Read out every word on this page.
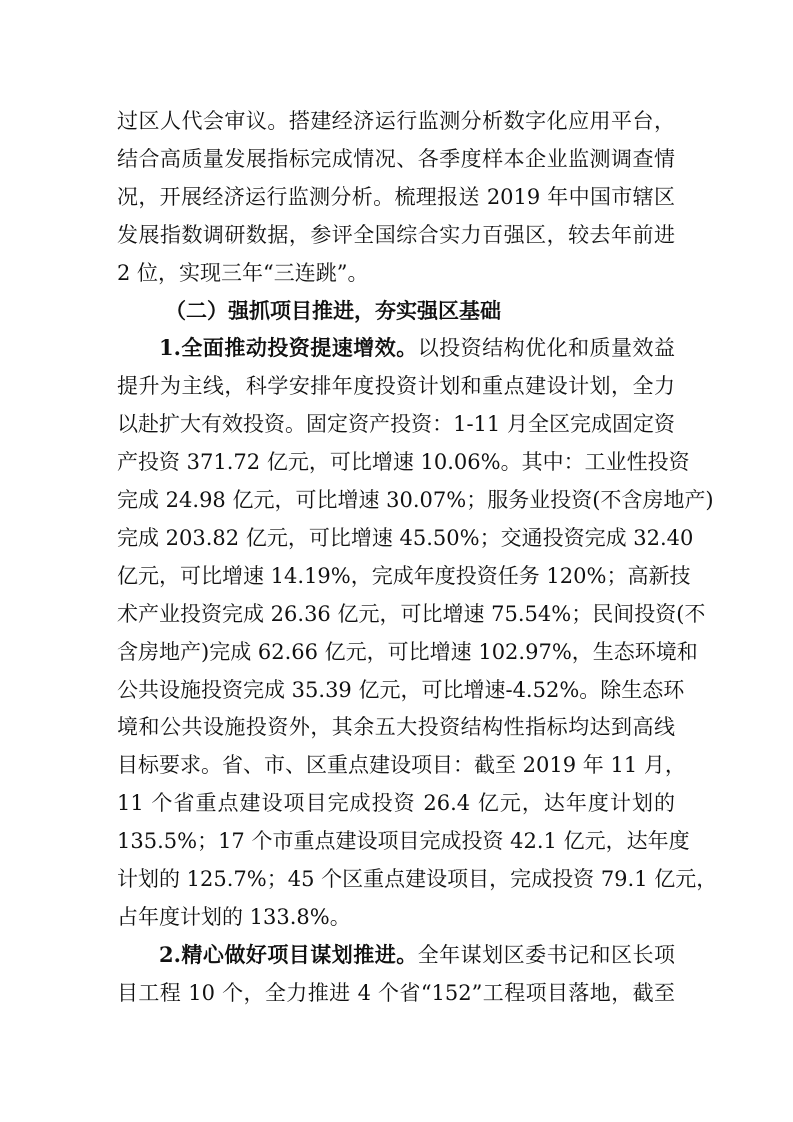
过区人代会审议。搭建经济运行监测分析数字化应用平台，
结合高质量发展指标完成情况、各季度样本企业监测调查情
况，开展经济运行监测分析。梳理报送 2019 年中国市辖区
发展指数调研数据，参评全国综合实力百强区，较去年前进
2 位，实现三年“三连跳”。
（二）强抓项目推进，夯实强区基础
1.全面推动投资提速增效。以投资结构优化和质量效益
提升为主线，科学安排年度投资计划和重点建设计划，全力
以赴扩大有效投资。固定资产投资：1-11 月全区完成固定资
产投资 371.72 亿元，可比增速 10.06%。其中：工业性投资
完成 24.98 亿元，可比增速 30.07%；服务业投资(不含房地产)
完成 203.82 亿元，可比增速 45.50%；交通投资完成 32.40
亿元，可比增速 14.19%，完成年度投资任务 120%；高新技
术产业投资完成 26.36 亿元，可比增速 75.54%；民间投资(不
含房地产)完成 62.66 亿元，可比增速 102.97%，生态环境和
公共设施投资完成 35.39 亿元，可比增速-4.52%。除生态环
境和公共设施投资外，其余五大投资结构性指标均达到高线
目标要求。省、市、区重点建设项目：截至 2019 年 11 月，
11 个省重点建设项目完成投资 26.4 亿元，达年度计划的
135.5%；17 个市重点建设项目完成投资 42.1 亿元，达年度
计划的 125.7%；45 个区重点建设项目，完成投资 79.1 亿元，
占年度计划的 133.8%。
2.精心做好项目谋划推进。全年谋划区委书记和区长项
目工程 10 个，全力推进 4 个省“152”工程项目落地，截至
